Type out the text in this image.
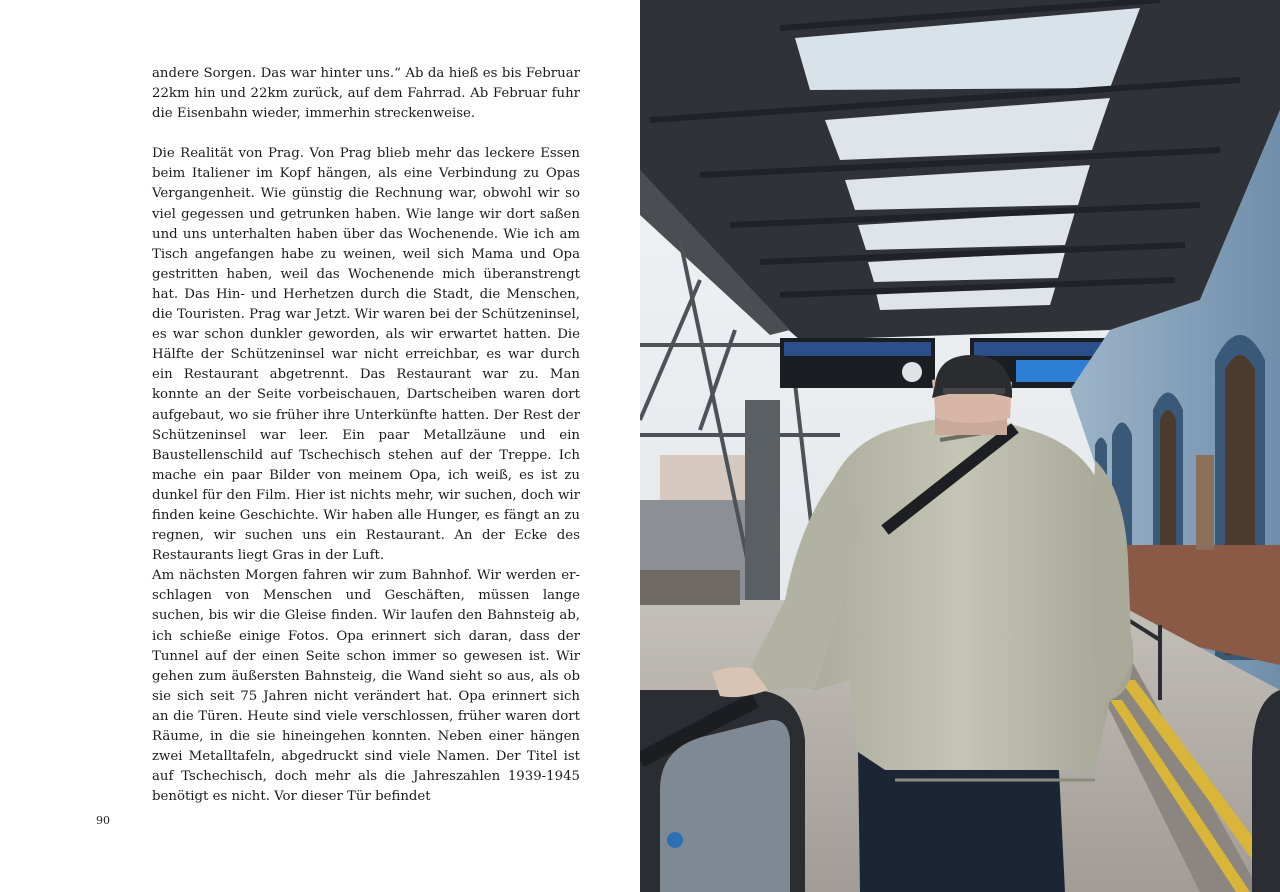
andere Sorgen. Das war hinter uns.“ Ab da hieß es bis Februar 22km hin und 22km zurück, auf dem Fahrrad. Ab Februar fuhr die Eisenbahn wieder, immerhin streckenweise.

Die Realität von Prag. Von Prag blieb mehr das leckere Essen beim Italiener im Kopf hängen, als eine Verbindung zu Opas Vergangenheit. Wie günstig die Rechnung war, obwohl wir so viel gegessen und getrunken haben. Wie lange wir dort saßen und uns unterhalten haben über das Wochenende. Wie ich am Tisch angefangen habe zu weinen, weil sich Mama und Opa gestritten haben, weil das Wochenende mich überanstrengt hat. Das Hin- und Herhetzen durch die Stadt, die Menschen, die Touristen. Prag war Jetzt. Wir waren bei der Schützeninsel, es war schon dunkler geworden, als wir erwartet hatten. Die Hälfte der Schützeninsel war nicht erreichbar, es war durch ein Restaurant abgetrennt. Das Restaurant war zu. Man konnte an der Seite vorbeischauen, Dartscheiben waren dort aufgebaut, wo sie früher ihre Unterkünfte hatten. Der Rest der Schützeninsel war leer. Ein paar Metallzäune und ein Baustellenschild auf Tschechisch stehen auf der Treppe. Ich mache ein paar Bilder von meinem Opa, ich weiß, es ist zu dunkel für den Film. Hier ist nichts mehr, wir suchen, doch wir finden keine Geschichte. Wir haben alle Hunger, es fängt an zu regnen, wir suchen uns ein Restaurant. An der Ecke des Restaurants liegt Gras in der Luft.

Am nächsten Morgen fahren wir zum Bahnhof. Wir werden erschlagen von Menschen und Geschäften, müssen lange suchen, bis wir die Gleise finden. Wir laufen den Bahnsteig ab, ich schieße einige Fotos. Opa erinnert sich daran, dass der Tunnel auf der einen Seite schon immer so gewesen ist. Wir gehen zum äußersten Bahnsteig, die Wand sieht so aus, als ob sie sich seit 75 Jahren nicht verändert hat. Opa erinnert sich an die Türen. Heute sind viele verschlossen, früher waren dort Räume, in die sie hineingehen konnten. Neben einer hängen zwei Metalltafeln, abgedruckt sind viele Namen. Der Titel ist auf Tschechisch, doch mehr als die Jahreszahlen 1939-1945 benötigt es nicht. Vor dieser Tür befindet

90
